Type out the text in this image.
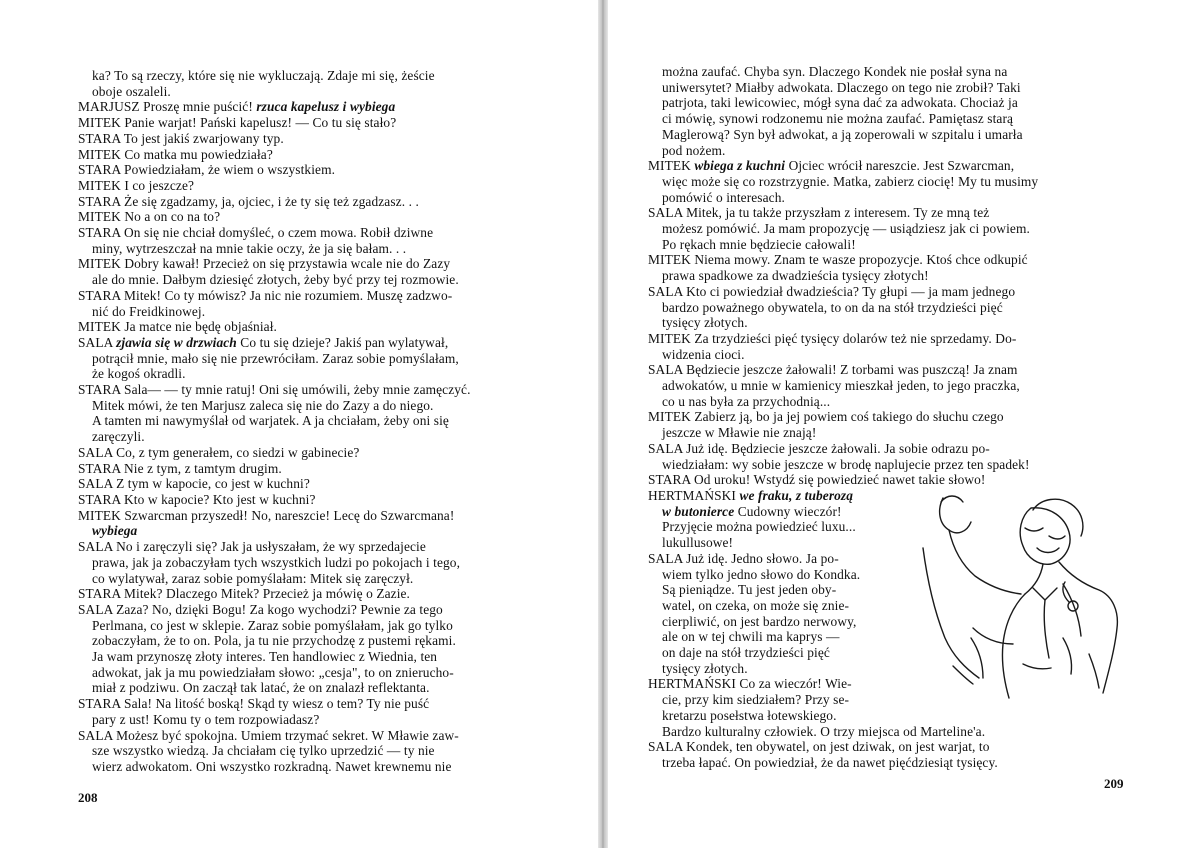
ka? To są rzeczy, które się nie wykluczają. Zdaje mi się, żeście
oboje oszaleli.
MARJUSZ Proszę mnie puścić! rzuca kapelusz i wybiega
MITEK Panie warjat! Pański kapelusz! — Co tu się stało?
STARA To jest jakiś zwarjowany typ.
MITEK Co matka mu powiedziała?
STARA Powiedziałam, że wiem o wszystkiem.
MITEK I co jeszcze?
STARA Że się zgadzamy, ja, ojciec, i że ty się też zgadzasz. . .
MITEK No a on co na to?
STARA On się nie chciał domyśleć, o czem mowa. Robił dziwne
miny, wytrzeszczał na mnie takie oczy, że ja się bałam. . .
MITEK Dobry kawał! Przecież on się przystawia wcale nie do Zazy
ale do mnie. Dałbym dziesięć złotych, żeby być przy tej rozmowie.
STARA Mitek! Co ty mówisz? Ja nic nie rozumiem. Muszę zadzwo-
nić do Freidkinowej.
MITEK Ja matce nie będę objaśniał.
SALA zjawia się w drzwiach Co tu się dzieje? Jakiś pan wylatywał,
potrącił mnie, mało się nie przewróciłam. Zaraz sobie pomyślałam,
że kogoś okradli.
STARA Sala— — ty mnie ratuj! Oni się umówili, żeby mnie zamęczyć.
Mitek mówi, że ten Marjusz zaleca się nie do Zazy a do niego.
A tamten mi nawymyślał od warjatek. A ja chciałam, żeby oni się
zaręczyli.
SALA Co, z tym generałem, co siedzi w gabinecie?
STARA Nie z tym, z tamtym drugim.
SALA Z tym w kapocie, co jest w kuchni?
STARA Kto w kapocie? Kto jest w kuchni?
MITEK Szwarcman przyszedł! No, nareszcie! Lecę do Szwarcmana!
wybiega
SALA No i zaręczyli się? Jak ja usłyszałam, że wy sprzedajecie
prawa, jak ja zobaczyłam tych wszystkich ludzi po pokojach i tego,
co wylatywał, zaraz sobie pomyślałam: Mitek się zaręczył.
STARA Mitek? Dlaczego Mitek? Przecież ja mówię o Zazie.
SALA Zaza? No, dzięki Bogu! Za kogo wychodzi? Pewnie za tego
Perlmana, co jest w sklepie. Zaraz sobie pomyślałam, jak go tylko
zobaczyłam, że to on. Pola, ja tu nie przychodzę z pustemi rękami.
Ja wam przynoszę złoty interes. Ten handlowiec z Wiednia, ten
adwokat, jak ja mu powiedziałam słowo: „cesja", to on znierucho-
miał z podziwu. On zaczął tak latać, że on znalazł reflektanta.
STARA Sala! Na litość boską! Skąd ty wiesz o tem? Ty nie puść
pary z ust! Komu ty o tem rozpowiadasz?
SALA Możesz być spokojna. Umiem trzymać sekret. W Mławie zaw-
sze wszystko wiedzą. Ja chciałam cię tylko uprzedzić — ty nie
wierz adwokatom. Oni wszystko rozkradną. Nawet krewnemu nie
208
można zaufać. Chyba syn. Dlaczego Kondek nie posłał syna na
uniwersytet? Miałby adwokata. Dlaczego on tego nie zrobił? Taki
patrjota, taki lewicowiec, mógł syna dać za adwokata. Chociaż ja
ci mówię, synowi rodzonemu nie można zaufać. Pamiętasz starą
Maglerową? Syn był adwokat, a ją zoperowali w szpitalu i umarła
pod nożem.
MITEK wbiega z kuchni Ojciec wrócił nareszcie. Jest Szwarcman,
więc może się co rozstrzygnie. Matka, zabierz ciocię! My tu musimy
pomówić o interesach.
SALA Mitek, ja tu także przyszłam z interesem. Ty ze mną też
możesz pomówić. Ja mam propozycję — usiądziesz jak ci powiem.
Po rękach mnie będziecie całowali!
MITEK Niema mowy. Znam te wasze propozycje. Ktoś chce odkupić
prawa spadkowe za dwadzieścia tysięcy złotych!
SALA Kto ci powiedział dwadzieścia? Ty głupi — ja mam jednego
bardzo poważnego obywatela, to on da na stół trzydzieści pięć
tysięcy złotych.
MITEK Za trzydzieści pięć tysięcy dolarów też nie sprzedamy. Do-
widzenia cioci.
SALA Będziecie jeszcze żałowali! Z torbami was puszczą! Ja znam
adwokatów, u mnie w kamienicy mieszkał jeden, to jego praczka,
co u nas była za przychodnią...
MITEK Zabierz ją, bo ja jej powiem coś takiego do słuchu czego
jeszcze w Mławie nie znają!
SALA Już idę. Będziecie jeszcze żałowali. Ja sobie odrazu po-
wiedziałam: wy sobie jeszcze w brodę naplujecie przez ten spadek!
STARA Od uroku! Wstydź się powiedzieć nawet takie słowo!
HERTMAŃSKI we fraku, z tuberozą
w butonierce Cudowny wieczór!
Przyjęcie można powiedzieć luxu...
lukullusowe!
SALA Już idę. Jedno słowo. Ja po-
wiem tylko jedno słowo do Kondka.
Są pieniądze. Tu jest jeden oby-
watel, on czeka, on może się znie-
cierpliwić, on jest bardzo nerwowy,
ale on w tej chwili ma kaprys —
on daje na stół trzydzieści pięć
tysięcy złotych.
HERTMAŃSKI Co za wieczór! Wie-
cie, przy kim siedziałem? Przy se-
kretarzu posełstwa łotewskiego.
Bardzo kulturalny człowiek. O trzy miejsca od Marteline'a.
SALA Kondek, ten obywatel, on jest dziwak, on jest warjat, to
trzeba łapać. On powiedział, że da nawet pięćdziesiąt tysięcy.
209
